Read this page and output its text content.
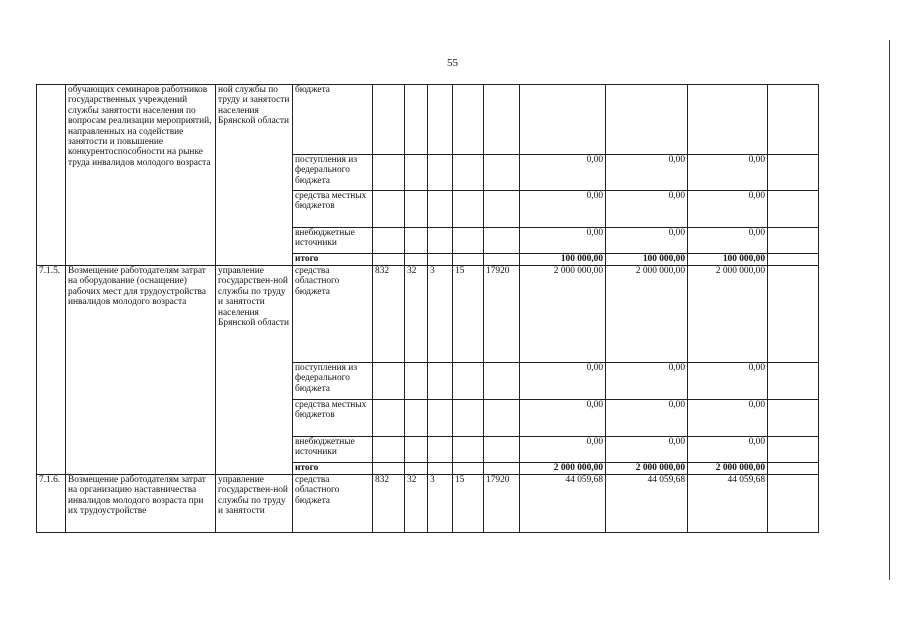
55
	обучающих семинаров работников государственных учреждений службы занятости населения по вопросам реализации мероприятий, направленных на содействие занятости и повышение конкурентоспособности на рынке труда инвалидов молодого возраста	ной службы по труду и занятости населения Брянской области	бюджета									
			поступления из федерального бюджета						0,00	0,00	0,00	
			средства местных бюджетов						0,00	0,00	0,00	
			внебюджетные источники						0,00	0,00	0,00	
			итого						100 000,00	100 000,00	100 000,00	
7.1.5.	Возмещение работодателям затрат на оборудование (оснащение) рабочих мест для трудоустройства инвалидов молодого возраста	управление государствен-ной службы по труду и занятости населения Брянской области	средства областного бюджета	832	32	3	15	17920	2 000 000,00	2 000 000,00	2 000 000,00	
			поступления из федерального бюджета						0,00	0,00	0,00	
			средства местных бюджетов						0,00	0,00	0,00	
			внебюджетные источники						0,00	0,00	0,00	
			итого						2 000 000,00	2 000 000,00	2 000 000,00	
7.1.6.	Возмещение работодателям затрат на организацию наставничества инвалидов молодого возраста при их трудоустройстве	управление государствен-ной службы по труду и занятости	средства областного бюджета	832	32	3	15	17920	44 059,68	44 059,68	44 059,68	
